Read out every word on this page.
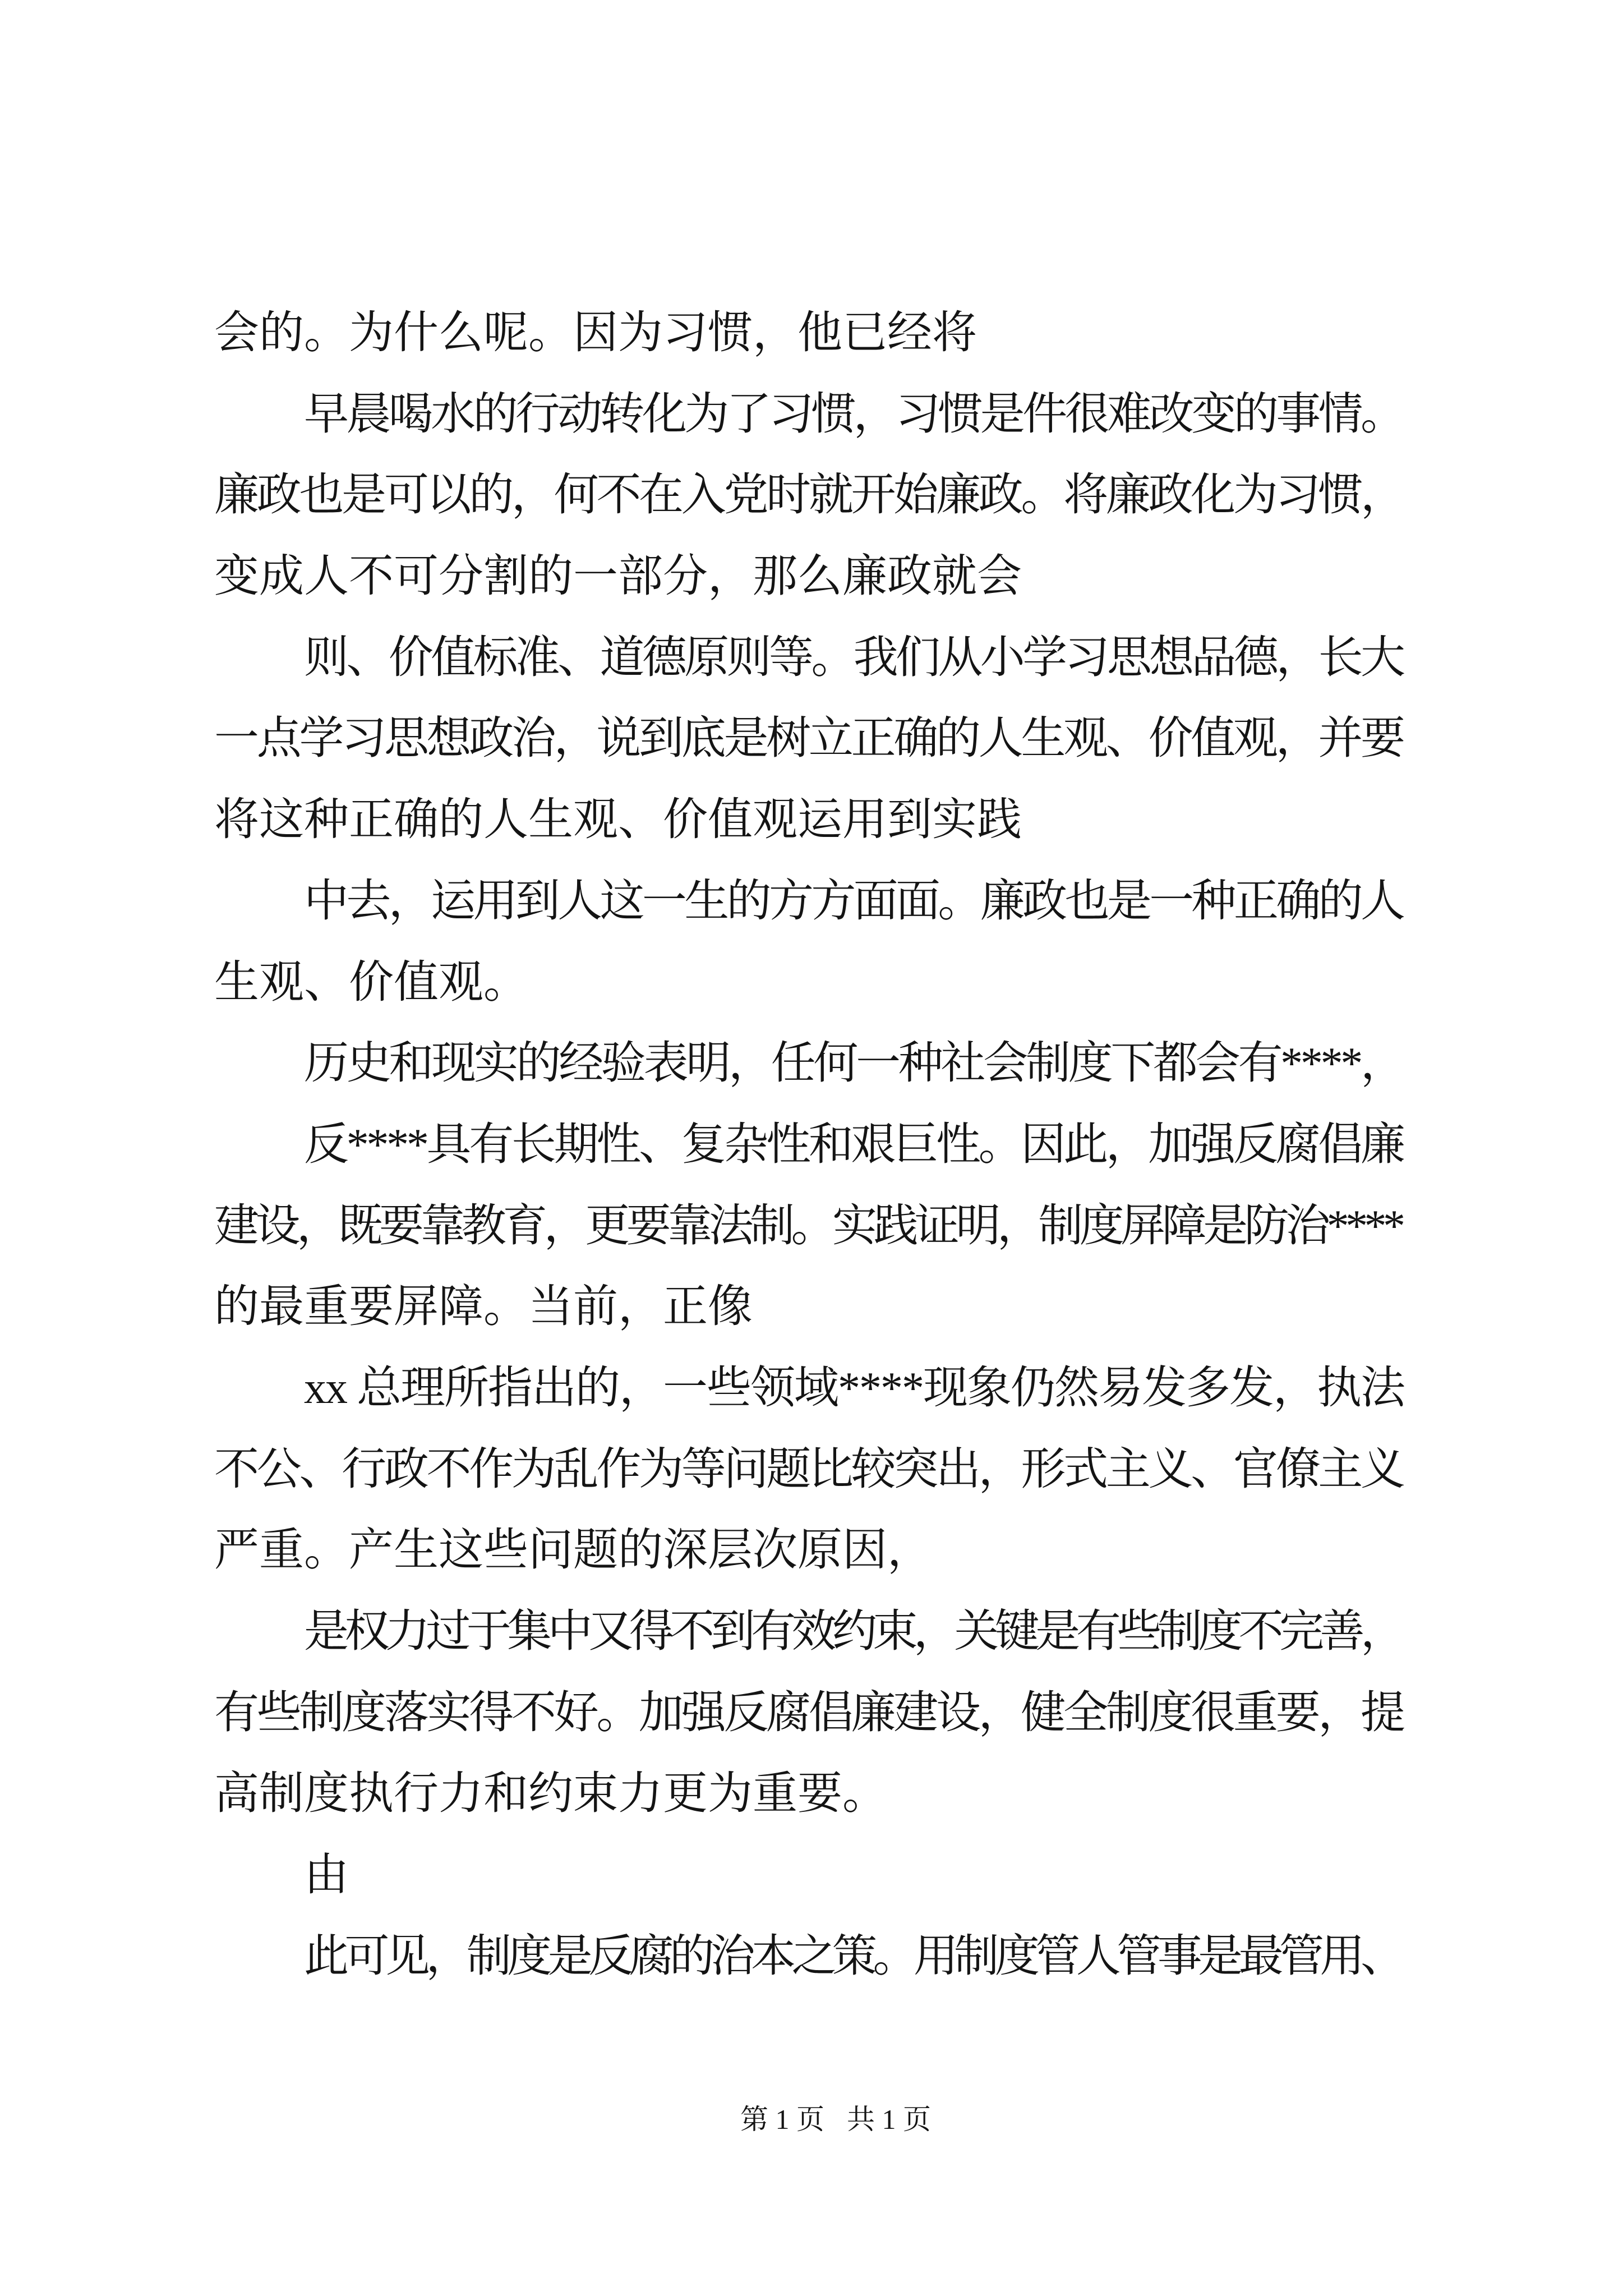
会的。为什么呢。因为习惯，他已经将
早晨喝水的行动转化为了习惯，习惯是件很难改变的事情。
廉政也是可以的，何不在入党时就开始廉政。将廉政化为习惯，
变成人不可分割的一部分，那么廉政就会
则、价值标准、道德原则等。我们从小学习思想品德，长大
一点学习思想政治，说到底是树立正确的人生观、价值观，并要
将这种正确的人生观、价值观运用到实践
中去，运用到人这一生的方方面面。廉政也是一种正确的人
生观、价值观。
历史和现实的经验表明，任何一种社会制度下都会有****，
反****具有长期性、复杂性和艰巨性。因此，加强反腐倡廉
建设，既要靠教育，更要靠法制。实践证明，制度屏障是防治****
的最重要屏障。当前，正像
xx 总理所指出的，一些领域****现象仍然易发多发，执法
不公、行政不作为乱作为等问题比较突出，形式主义、官僚主义
严重。产生这些问题的深层次原因，
是权力过于集中又得不到有效约束，关键是有些制度不完善，
有些制度落实得不好。加强反腐倡廉建设，健全制度很重要，提
高制度执行力和约束力更为重要。
由
此可见，制度是反腐的治本之策。用制度管人管事是最管用、
第 1 页 共 1 页
